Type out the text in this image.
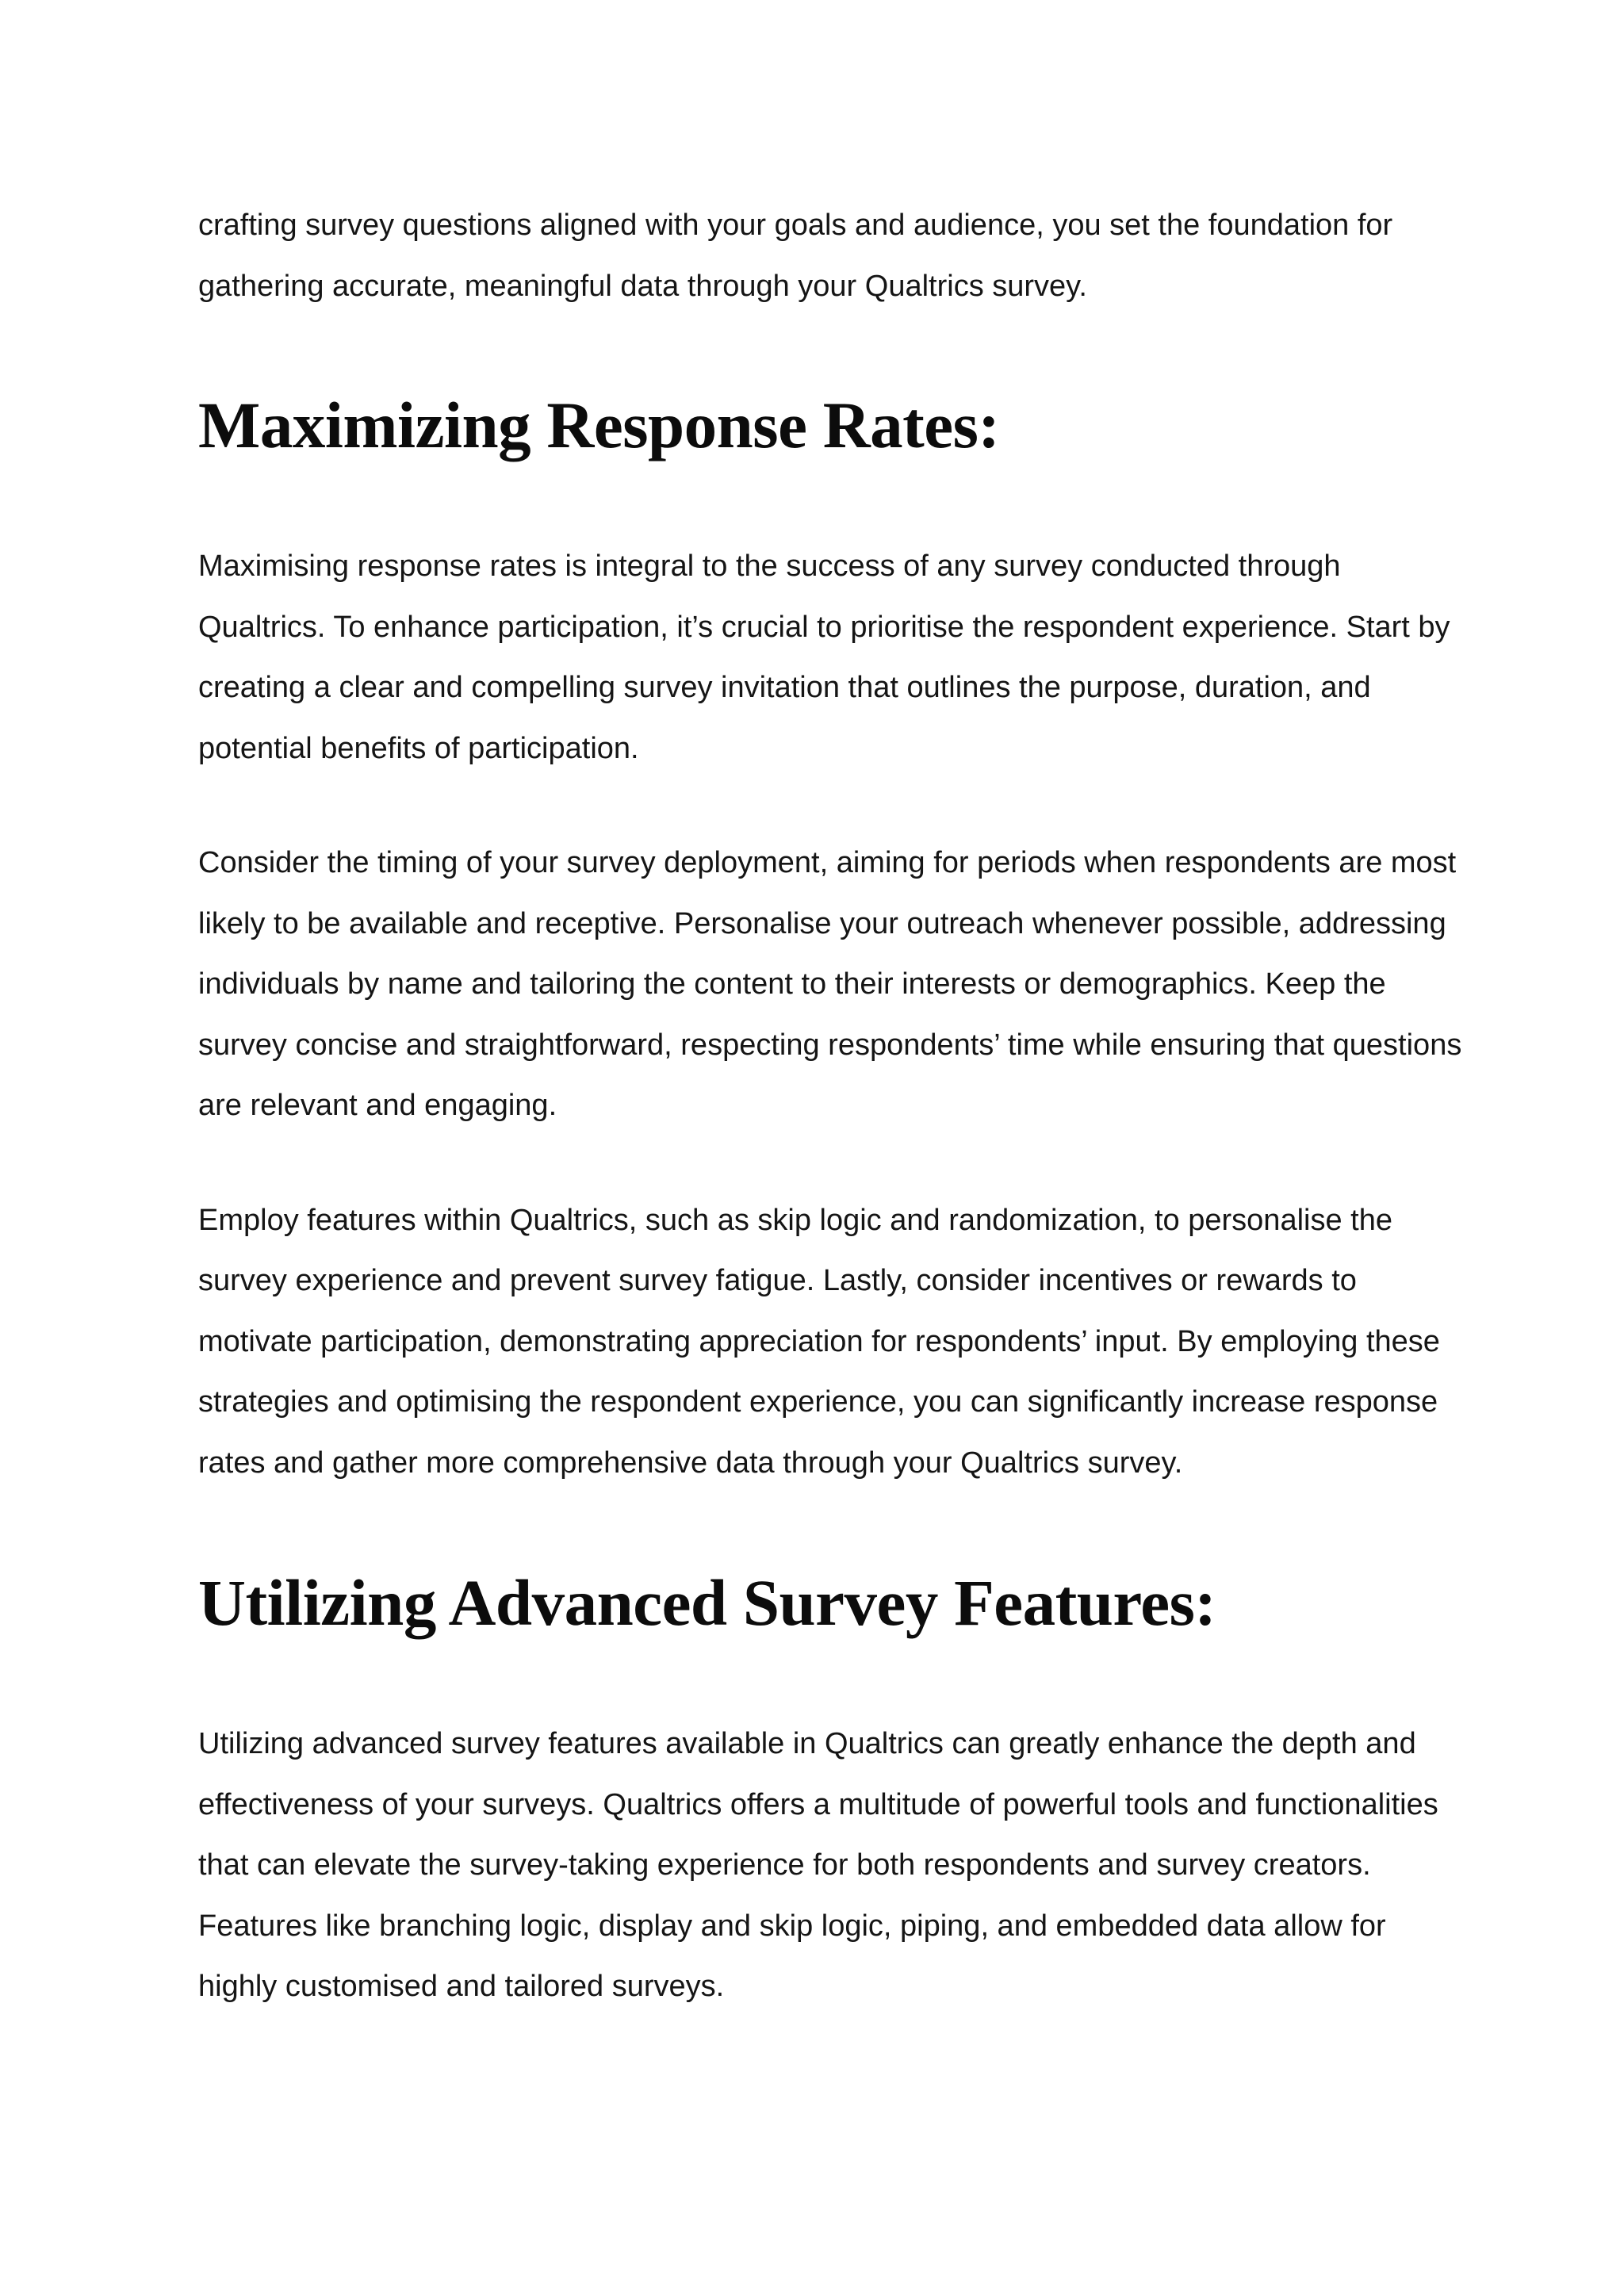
crafting survey questions aligned with your goals and audience, you set the foundation for gathering accurate, meaningful data through your Qualtrics survey.

Maximizing Response Rates:

Maximising response rates is integral to the success of any survey conducted through Qualtrics. To enhance participation, it’s crucial to prioritise the respondent experience. Start by creating a clear and compelling survey invitation that outlines the purpose, duration, and potential benefits of participation.

Consider the timing of your survey deployment, aiming for periods when respondents are most likely to be available and receptive. Personalise your outreach whenever possible, addressing individuals by name and tailoring the content to their interests or demographics. Keep the survey concise and straightforward, respecting respondents’ time while ensuring that questions are relevant and engaging.

Employ features within Qualtrics, such as skip logic and randomization, to personalise the survey experience and prevent survey fatigue. Lastly, consider incentives or rewards to motivate participation, demonstrating appreciation for respondents’ input. By employing these strategies and optimising the respondent experience, you can significantly increase response rates and gather more comprehensive data through your Qualtrics survey.

Utilizing Advanced Survey Features:

Utilizing advanced survey features available in Qualtrics can greatly enhance the depth and effectiveness of your surveys. Qualtrics offers a multitude of powerful tools and functionalities that can elevate the survey-taking experience for both respondents and survey creators. Features like branching logic, display and skip logic, piping, and embedded data allow for highly customised and tailored surveys.
